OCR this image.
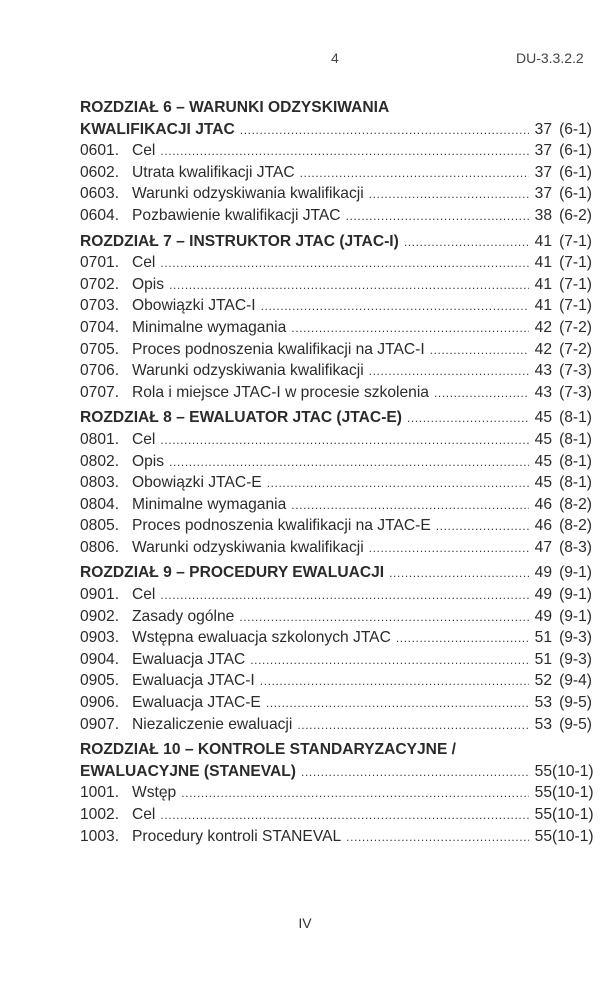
4	DU-3.3.2.2
ROZDZIAŁ 6 – WARUNKI ODZYSKIWANIA
KWALIFIKACJI JTAC .....	37 (6-1)
0601. Cel .....	37 (6-1)
0602. Utrata kwalifikacji JTAC .....	37 (6-1)
0603. Warunki odzyskiwania kwalifikacji .....	37 (6-1)
0604. Pozbawienie kwalifikacji JTAC .....	38 (6-2)
ROZDZIAŁ 7 – INSTRUKTOR JTAC (JTAC-I) .....	41 (7-1)
0701. Cel .....	41 (7-1)
0702. Opis .....	41 (7-1)
0703. Obowiązki JTAC-I .....	41 (7-1)
0704. Minimalne wymagania .....	42 (7-2)
0705. Proces podnoszenia kwalifikacji na JTAC-I .....	42 (7-2)
0706. Warunki odzyskiwania kwalifikacji .....	43 (7-3)
0707. Rola i miejsce JTAC-I w procesie szkolenia .....	43 (7-3)
ROZDZIAŁ 8 – EWALUATOR JTAC (JTAC-E) .....	45 (8-1)
0801. Cel .....	45 (8-1)
0802. Opis .....	45 (8-1)
0803. Obowiązki JTAC-E .....	45 (8-1)
0804. Minimalne wymagania .....	46 (8-2)
0805. Proces podnoszenia kwalifikacji na JTAC-E .....	46 (8-2)
0806. Warunki odzyskiwania kwalifikacji .....	47 (8-3)
ROZDZIAŁ 9 – PROCEDURY EWALUACJI .....	49 (9-1)
0901. Cel .....	49 (9-1)
0902. Zasady ogólne .....	49 (9-1)
0903. Wstępna ewaluacja szkolonych JTAC .....	51 (9-3)
0904. Ewaluacja JTAC .....	51 (9-3)
0905. Ewaluacja JTAC-I .....	52 (9-4)
0906. Ewaluacja JTAC-E .....	53 (9-5)
0907. Niezaliczenie ewaluacji .....	53 (9-5)
ROZDZIAŁ 10 – KONTROLE STANDARYZACYJNE /
EWALUACYJNE (STANEVAL) .....	55 (10-1)
1001. Wstęp .....	55 (10-1)
1002. Cel .....	55 (10-1)
1003. Procedury kontroli STANEVAL .....	55 (10-1)
IV
